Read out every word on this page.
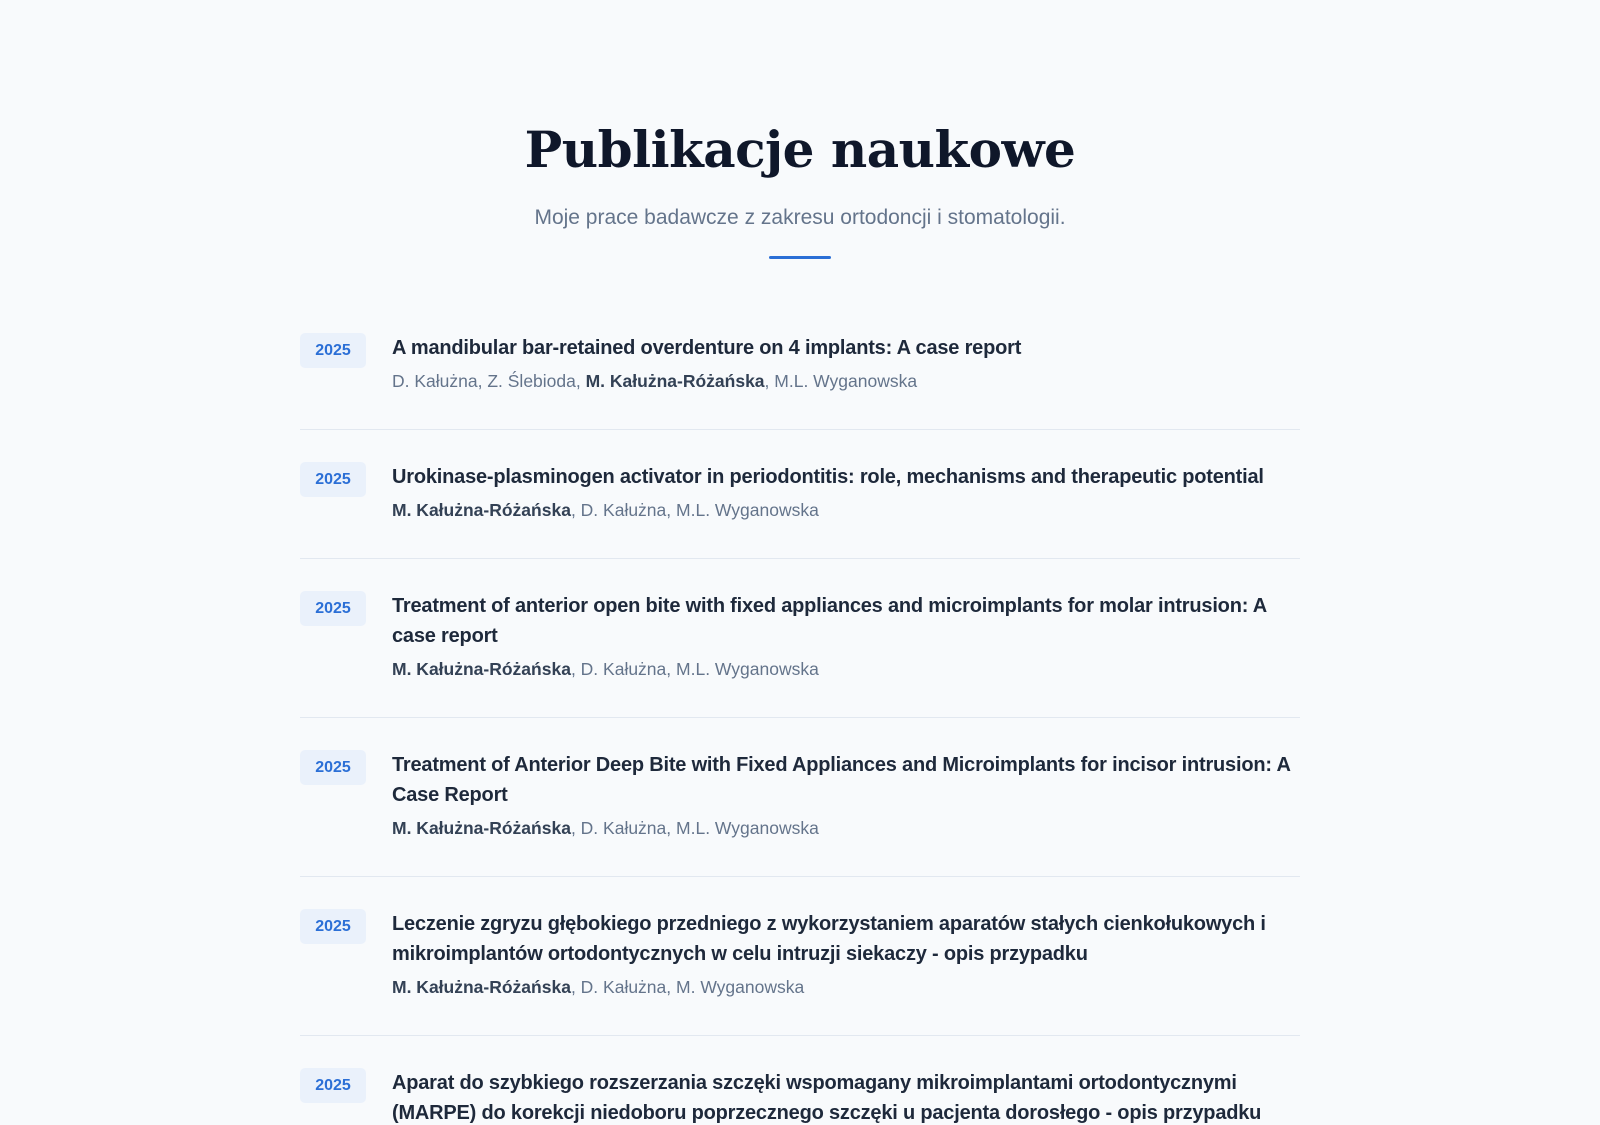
Publikacje naukowe

Moje prace badawcze z zakresu ortodoncji i stomatologii.

2025	A mandibular bar-retained overdenture on 4 implants: A case report

D. Kałużna, Z. Ślebioda, M. Kałużna-Różańska, M.L. Wyganowska

2025	Urokinase-plasminogen activator in periodontitis: role, mechanisms and therapeutic potential

M. Kałużna-Różańska, D. Kałużna, M.L. Wyganowska

2025	Treatment of anterior open bite with fixed appliances and microimplants for molar intrusion: A case report

M. Kałużna-Różańska, D. Kałużna, M.L. Wyganowska

2025	Treatment of Anterior Deep Bite with Fixed Appliances and Microimplants for incisor intrusion: A Case Report

M. Kałużna-Różańska, D. Kałużna, M.L. Wyganowska

2025	Leczenie zgryzu głębokiego przedniego z wykorzystaniem aparatów stałych cienkołukowych i mikroimplantów ortodontycznych w celu intruzji siekaczy - opis przypadku

M. Kałużna-Różańska, D. Kałużna, M. Wyganowska

2025	Aparat do szybkiego rozszerzania szczęki wspomagany mikroimplantami ortodontycznymi (MARPE) do korekcji niedoboru poprzecznego szczęki u pacjenta dorosłego - opis przypadku
